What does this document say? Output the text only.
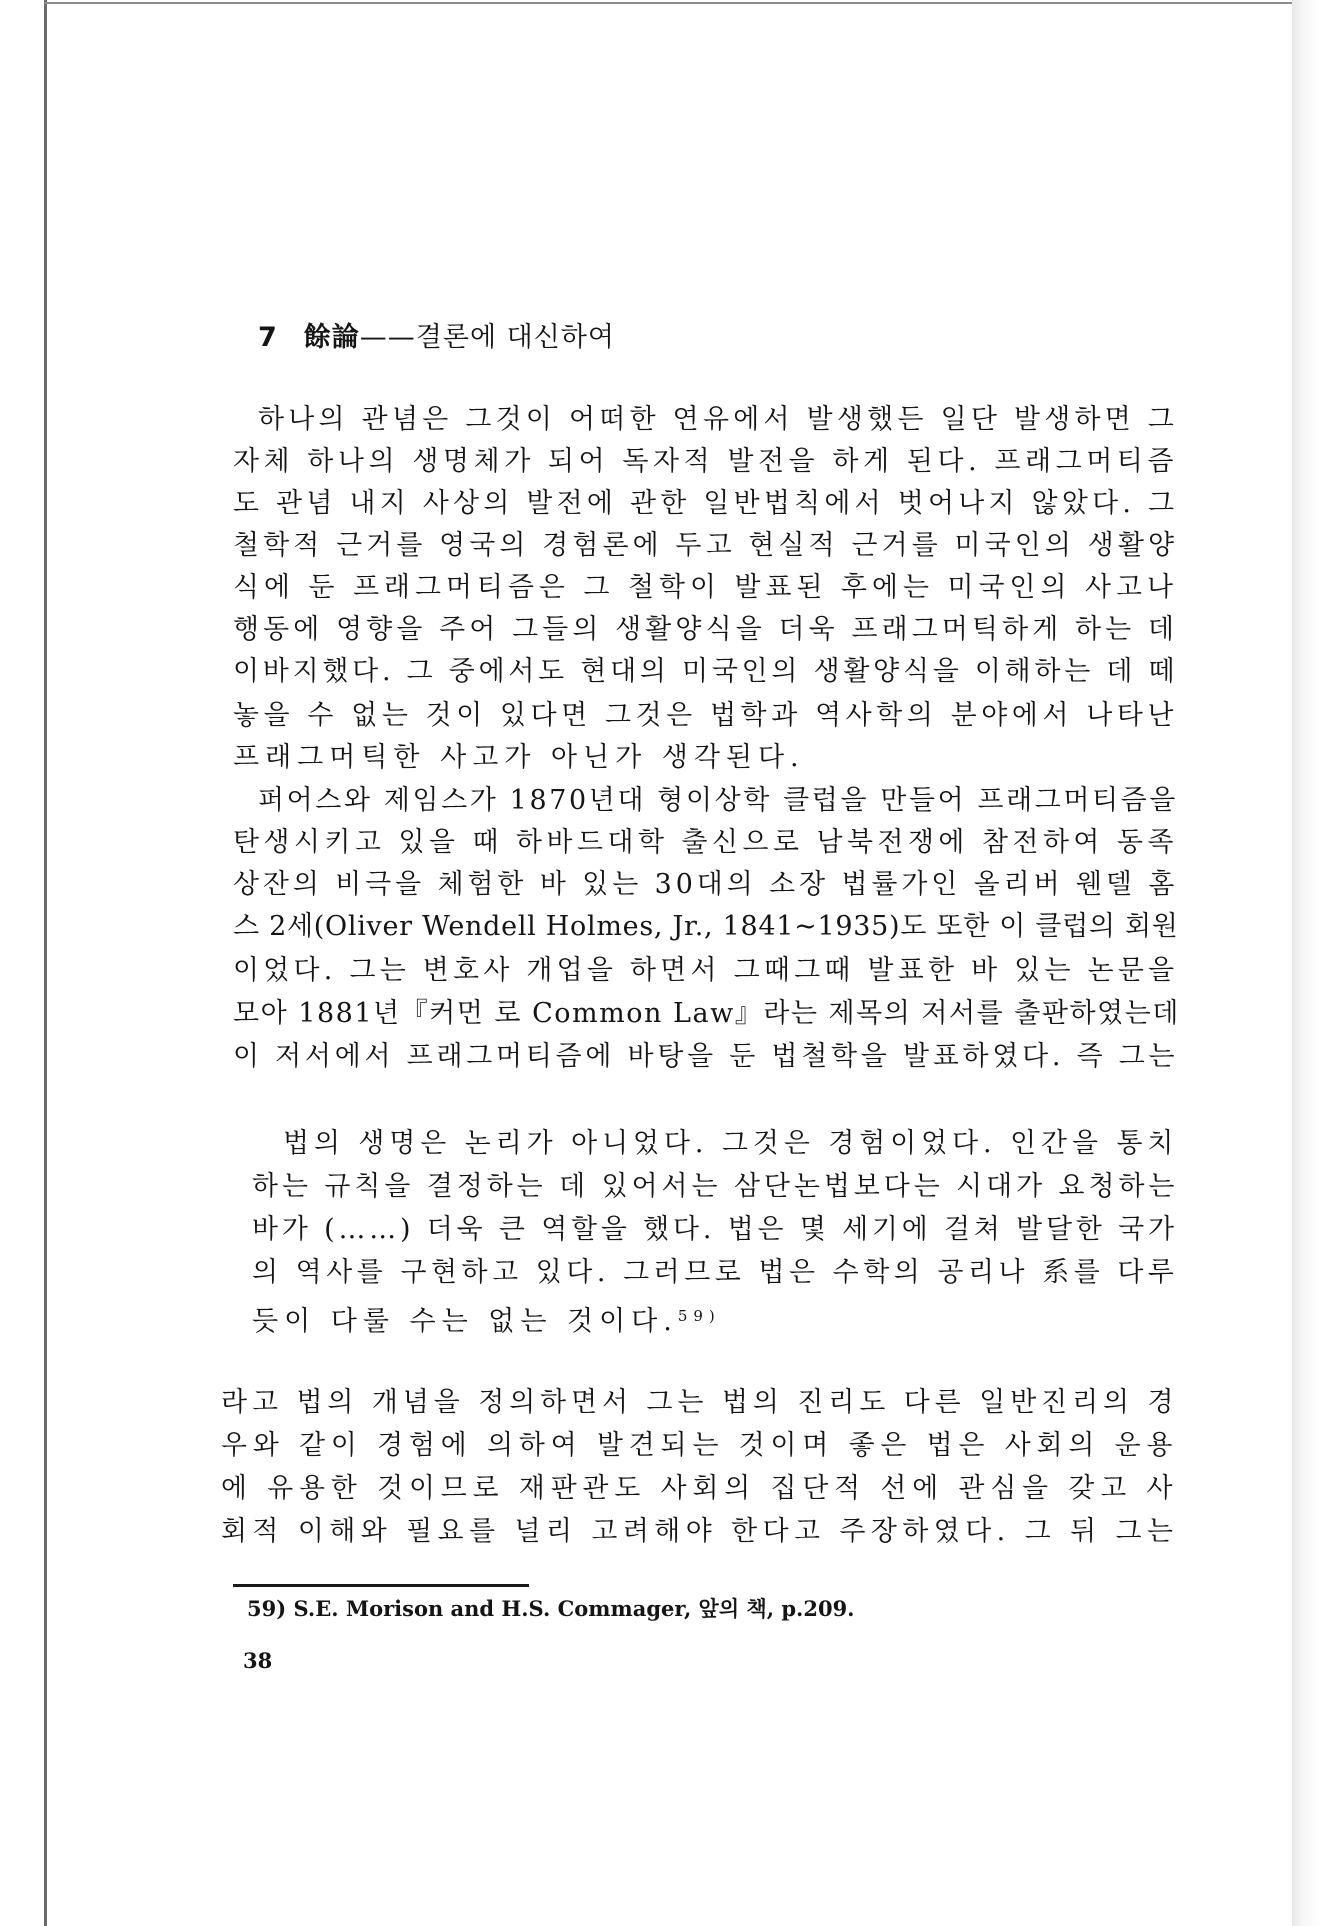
7 餘論——결론에 대신하여
하나의 관념은 그것이 어떠한 연유에서 발생했든 일단 발생하면 그
자체 하나의 생명체가 되어 독자적 발전을 하게 된다. 프래그머티즘
도 관념 내지 사상의 발전에 관한 일반법칙에서 벗어나지 않았다. 그
철학적 근거를 영국의 경험론에 두고 현실적 근거를 미국인의 생활양
식에 둔 프래그머티즘은 그 철학이 발표된 후에는 미국인의 사고나
행동에 영향을 주어 그들의 생활양식을 더욱 프래그머틱하게 하는 데
이바지했다. 그 중에서도 현대의 미국인의 생활양식을 이해하는 데 떼
놓을 수 없는 것이 있다면 그것은 법학과 역사학의 분야에서 나타난
프래그머틱한 사고가 아닌가 생각된다.
퍼어스와 제임스가 1870년대 형이상학 클럽을 만들어 프래그머티즘을
탄생시키고 있을 때 하바드대학 출신으로 남북전쟁에 참전하여 동족
상잔의 비극을 체험한 바 있는 30대의 소장 법률가인 올리버 웬델 홈
스 2세(Oliver Wendell Holmes, Jr., 1841~1935)도 또한 이 클럽의 회원
이었다. 그는 변호사 개업을 하면서 그때그때 발표한 바 있는 논문을
모아 1881년『커먼 로 Common Law』라는 제목의 저서를 출판하였는데
이 저서에서 프래그머티즘에 바탕을 둔 법철학을 발표하였다. 즉 그는
법의 생명은 논리가 아니었다. 그것은 경험이었다. 인간을 통치
하는 규칙을 결정하는 데 있어서는 삼단논법보다는 시대가 요청하는
바가 (……) 더욱 큰 역할을 했다. 법은 몇 세기에 걸쳐 발달한 국가
의 역사를 구현하고 있다. 그러므로 법은 수학의 공리나 系를 다루
듯이 다룰 수는 없는 것이다.$^{59)}$
라고 법의 개념을 정의하면서 그는 법의 진리도 다른 일반진리의 경
우와 같이 경험에 의하여 발견되는 것이며 좋은 법은 사회의 운용
에 유용한 것이므로 재판관도 사회의 집단적 선에 관심을 갖고 사
회적 이해와 필요를 널리 고려해야 한다고 주장하였다. 그 뒤 그는
59) S.E. Morison and H.S. Commager, 앞의 책, p.209.
38
